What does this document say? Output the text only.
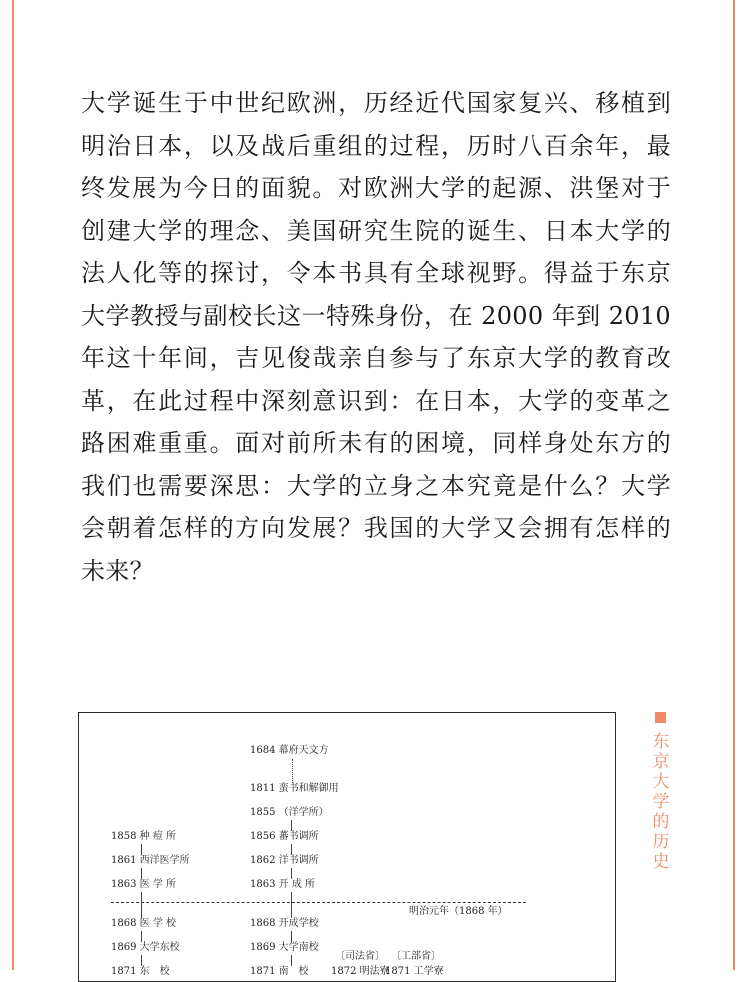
大学诞生于中世纪欧洲，历经近代国家复兴、移植到
明治日本，以及战后重组的过程，历时八百余年，最
终发展为今日的面貌。对欧洲大学的起源、洪堡对于
创建大学的理念、美国研究生院的诞生、日本大学的
法人化等的探讨，令本书具有全球视野。得益于东京
大学教授与副校长这一特殊身份，在 2000 年到 2010
年这十年间，吉见俊哉亲自参与了东京大学的教育改
革，在此过程中深刻意识到：在日本，大学的变革之
路困难重重。面对前所未有的困境，同样身处东方的
我们也需要深思：大学的立身之本究竟是什么？大学
会朝着怎样的方向发展？我国的大学又会拥有怎样的
未来？
1684 幕府天文方
1811 蛮书和解御用
1855 （洋学所）
1856 蕃书调所
1862 洋书调所
1863 开 成 所
1868 开成学校
1869 大学南校
1871 南　校
1858 种 痘 所
1861 西洋医学所
1863 医 学 所
1868 医 学 校
1869 大学东校
1871 东　校
明治元年（1868 年）
〔司法省〕
1872 明法寮
〔工部省〕
1871 工学寮
东京大学的历史
